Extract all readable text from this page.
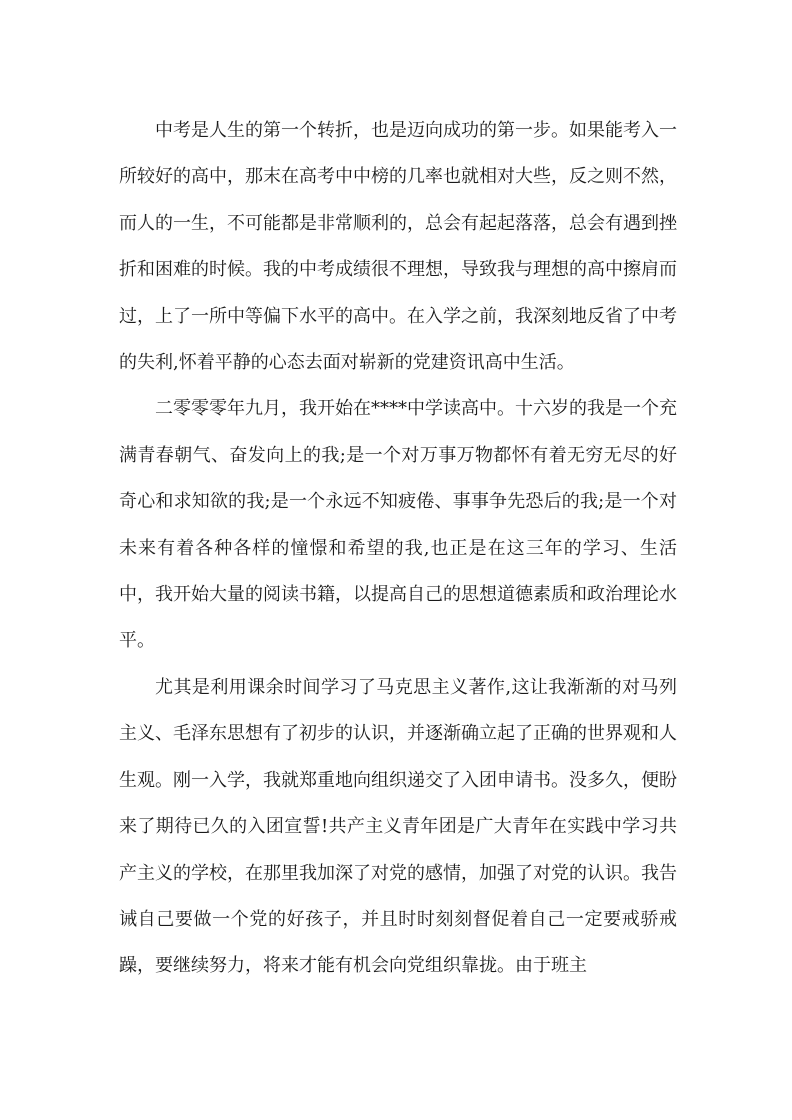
中考是人生的第一个转折，也是迈向成功的第一步。如果能考入一所较好的高中，那末在高考中中榜的几率也就相对大些，反之则不然，而人的一生，不可能都是非常顺利的，总会有起起落落，总会有遇到挫折和困难的时候。我的中考成绩很不理想，导致我与理想的高中擦肩而过，上了一所中等偏下水平的高中。在入学之前，我深刻地反省了中考的失利,怀着平静的心态去面对崭新的党建资讯高中生活。

二零零零年九月，我开始在****中学读高中。十六岁的我是一个充满青春朝气、奋发向上的我;是一个对万事万物都怀有着无穷无尽的好奇心和求知欲的我;是一个永远不知疲倦、事事争先恐后的我;是一个对未来有着各种各样的憧憬和希望的我,也正是在这三年的学习、生活中，我开始大量的阅读书籍，以提高自己的思想道德素质和政治理论水平。

尤其是利用课余时间学习了马克思主义著作,这让我渐渐的对马列主义、毛泽东思想有了初步的认识，并逐渐确立起了正确的世界观和人生观。刚一入学，我就郑重地向组织递交了入团申请书。没多久，便盼来了期待已久的入团宣誓!共产主义青年团是广大青年在实践中学习共产主义的学校，在那里我加深了对党的感情，加强了对党的认识。我告诫自己要做一个党的好孩子，并且时时刻刻督促着自己一定要戒骄戒躁，要继续努力，将来才能有机会向党组织靠拢。由于班主
